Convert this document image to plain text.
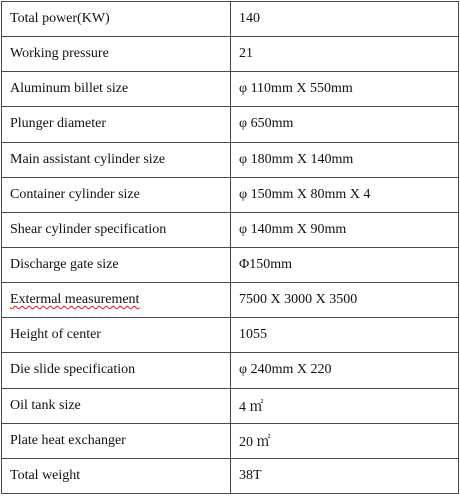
Total power(KW)	140
Working pressure	21
Aluminum billet size	φ 110mm X 550mm
Plunger diameter	φ 650mm
Main assistant cylinder size	φ 180mm X 140mm
Container cylinder size	φ 150mm X 80mm X 4
Shear cylinder specification	φ 140mm X 90mm
Discharge gate size	Φ150mm
Extermal measurement	7500 X 3000 X 3500
Height of center	1055
Die slide specification	φ 240mm X 220
Oil tank size	4 ㎡
Plate heat exchanger	20 ㎡
Total weight	38T
